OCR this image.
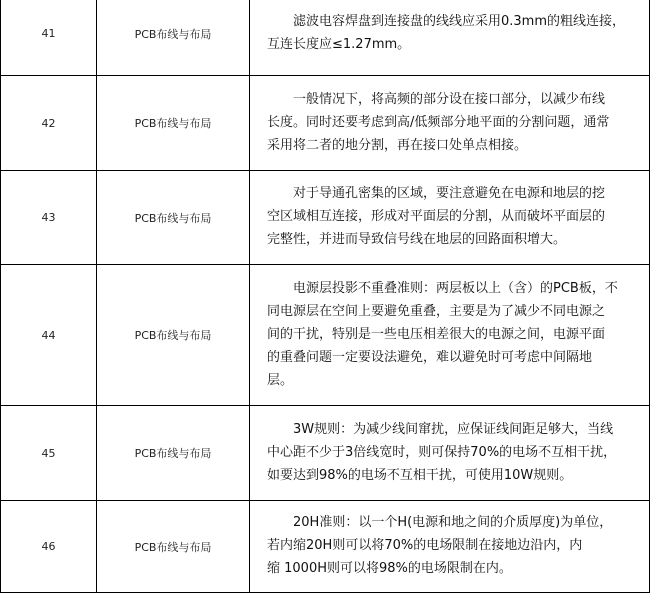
41	PCB布线与布局	滤波电容焊盘到连接盘的线线应采用0.3mm的粗线连接，
互连长度应≤1.27mm。

42	PCB布线与布局	一般情况下，将高频的部分设在接口部分，以减少布线
长度。同时还要考虑到高/低频部分地平面的分割问题，通常
采用将二者的地分割，再在接口处单点相接。

43	PCB布线与布局	对于导通孔密集的区域，要注意避免在电源和地层的挖
空区域相互连接，形成对平面层的分割，从而破坏平面层的
完整性，并进而导致信号线在地层的回路面积增大。

44	PCB布线与布局	电源层投影不重叠准则：两层板以上（含）的PCB板，不
同电源层在空间上要避免重叠，主要是为了减少不同电源之
间的干扰，特别是一些电压相差很大的电源之间，电源平面
的重叠问题一定要设法避免，难以避免时可考虑中间隔地
层。

45	PCB布线与布局	3W规则：为减少线间窜扰，应保证线间距足够大，当线
中心距不少于3倍线宽时，则可保持70%的电场不互相干扰，
如要达到98%的电场不互相干扰，可使用10W规则。

46	PCB布线与布局	20H准则：以一个H(电源和地之间的介质厚度)为单位，
若内缩20H则可以将70%的电场限制在接地边沿内，内
缩 1000H则可以将98%的电场限制在内。
